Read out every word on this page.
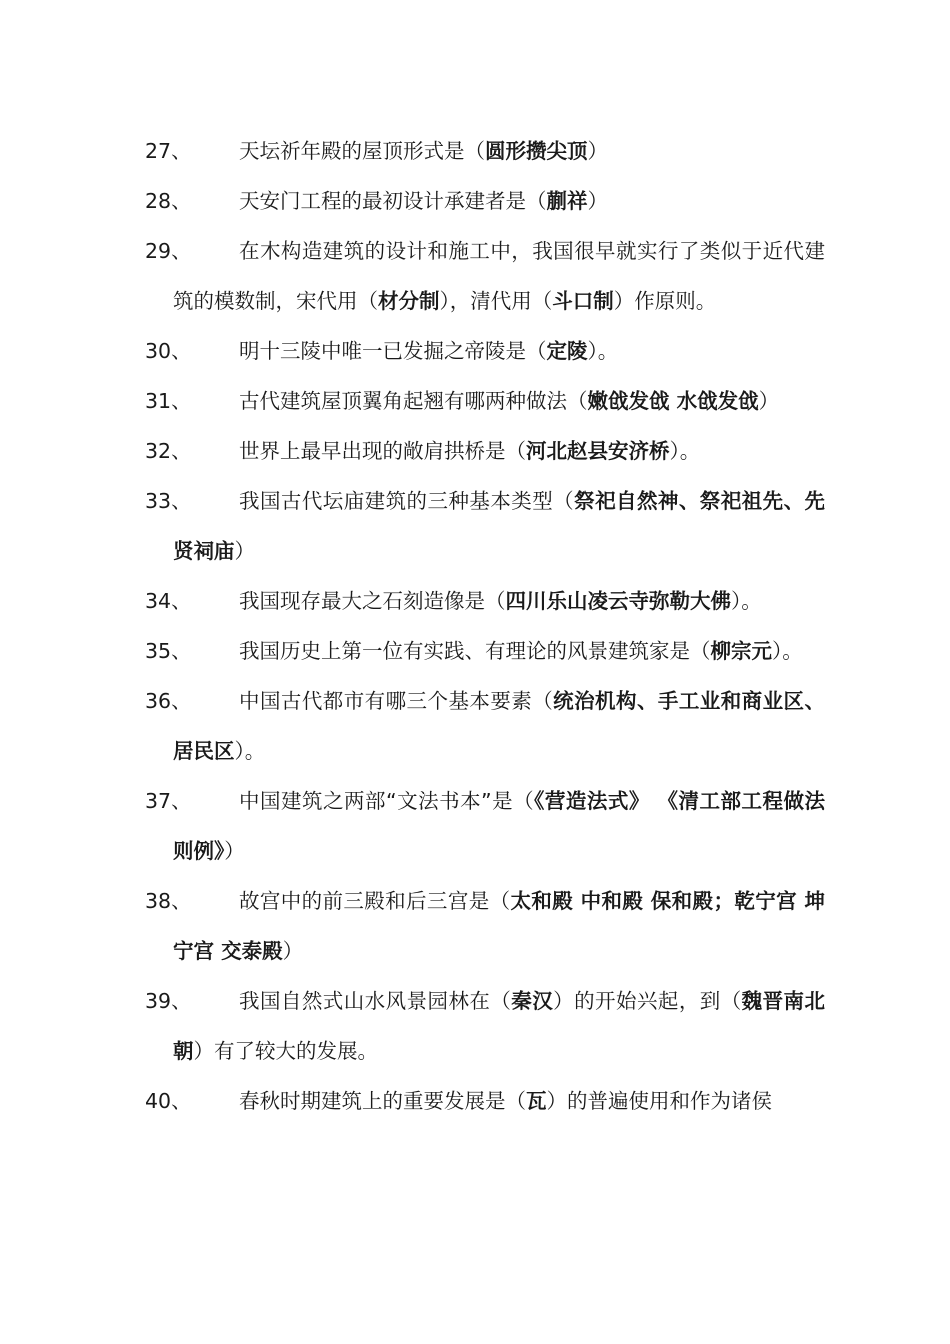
27、	天坛祈年殿的屋顶形式是（圆形攒尖顶）
28、	天安门工程的最初设计承建者是（蒯祥）
29、	在木构造建筑的设计和施工中，我国很早就实行了类似于近代建筑的模数制，宋代用（材分制），清代用（斗口制）作原则。
30、	明十三陵中唯一已发掘之帝陵是（定陵）。
31、	古代建筑屋顶翼角起翘有哪两种做法（嫩戗发戗 水戗发戗）
32、	世界上最早出现的敞肩拱桥是（河北赵县安济桥）。
33、	我国古代坛庙建筑的三种基本类型（祭祀自然神、祭祀祖先、先贤祠庙）
34、	我国现存最大之石刻造像是（四川乐山凌云寺弥勒大佛）。
35、	我国历史上第一位有实践、有理论的风景建筑家是（柳宗元）。
36、	中国古代都市有哪三个基本要素（统治机构、手工业和商业区、居民区）。
37、	中国建筑之两部“文法书本”是（《营造法式》 《清工部工程做法则例》）
38、	故宫中的前三殿和后三宫是（太和殿 中和殿 保和殿；乾宁宫 坤宁宫 交泰殿）
39、	我国自然式山水风景园林在（秦汉）的开始兴起，到（魏晋南北朝）有了较大的发展。
40、	春秋时期建筑上的重要发展是（瓦）的普遍使用和作为诸侯
